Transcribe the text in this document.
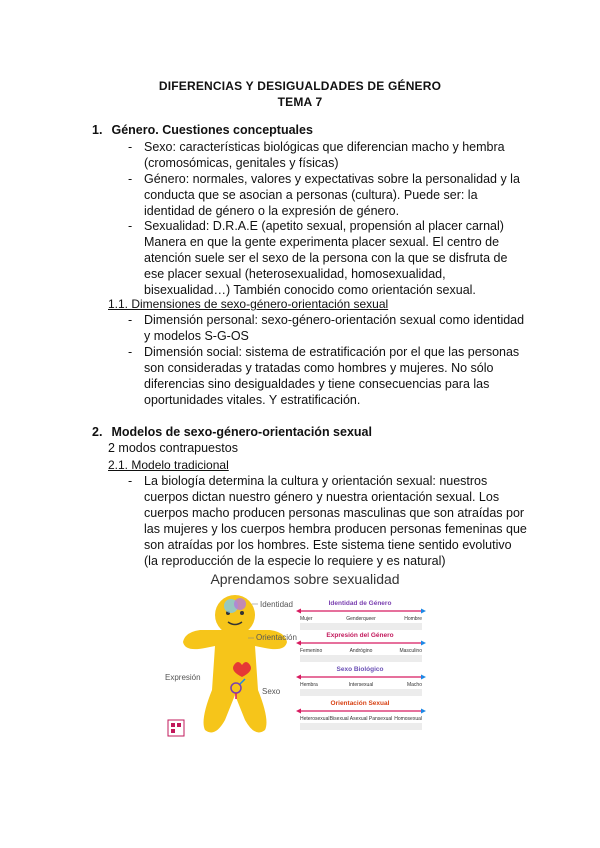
DIFERENCIAS Y DESIGUALDADES DE GÉNERO
TEMA 7
1. Género. Cuestiones conceptuales
- Sexo: características biológicas que diferencian macho y hembra (cromosómicas, genitales y físicas)
- Género: normales, valores y expectativas sobre la personalidad y la conducta que se asocian a personas (cultura). Puede ser: la identidad de género o la expresión de género.
- Sexualidad: D.R.A.E (apetito sexual, propensión al placer carnal) Manera en que la gente experimenta placer sexual. El centro de atención suele ser el sexo de la persona con la que se disfruta de ese placer sexual (heterosexualidad, homosexualidad, bisexualidad…) También conocido como orientación sexual.
1.1. Dimensiones de sexo-género-orientación sexual
- Dimensión personal: sexo-género-orientación sexual como identidad y modelos S-G-OS
- Dimensión social: sistema de estratificación por el que las personas son consideradas y tratadas como hombres y mujeres. No sólo diferencias sino desigualdades y tiene consecuencias para las oportunidades vitales. Y estratificación.
2. Modelos de sexo-género-orientación sexual
2 modos contrapuestos
2.1. Modelo tradicional
- La biología determina la cultura y orientación sexual: nuestros cuerpos dictan nuestro género y nuestra orientación sexual. Los cuerpos macho producen personas masculinas que son atraídas por las mujeres y los cuerpos hembra producen personas femeninas que son atraídas por los hombres. Este sistema tiene sentido evolutivo (la reproducción de la especie lo requiere y es natural)
Aprendamos sobre sexualidad
Identidad
Orientación
Expresión
Sexo
Identidad de Género
Mujer	Genderqueer	Hombre
Expresión del Género
Femenino	Andrógino	Masculino
Sexo Biológico
Hembra	Intersexual	Macho
Orientación Sexual
Heterosexual Bisexual Asexual Pansexual Homosexual
